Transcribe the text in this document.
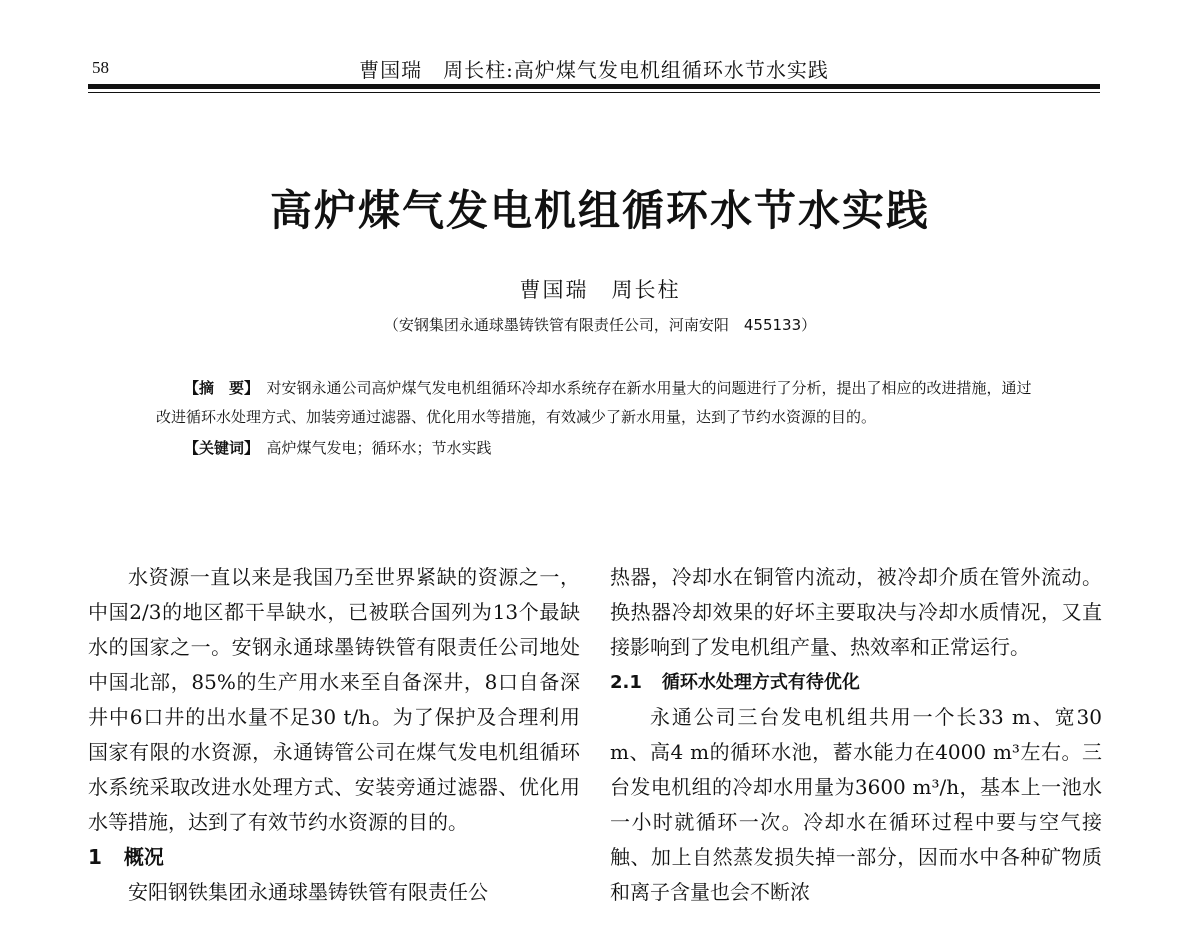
58	曹国瑞　周长柱:高炉煤气发电机组循环水节水实践
高炉煤气发电机组循环水节水实践
曹国瑞　周长柱
（安钢集团永通球墨铸铁管有限责任公司，河南安阳　455133）

【摘　要】　 对安钢永通公司高炉煤气发电机组循环冷却水系统存在新水用量大的问题进行了分析，提出了相应的改进措施，通过改进循环水处理方式、加装旁通过滤器、优化用水等措施，有效减少了新水用量，达到了节约水资源的目的。

【关键词】　 高炉煤气发电；循环水；节水实践

水资源一直以来是我国乃至世界紧缺的资源之一，中国2/3的地区都干旱缺水，已被联合国列为13个最缺水的国家之一。安钢永通球墨铸铁管有限责任公司地处中国北部，85%的生产用水来至自备深井，8口自备深井中6口井的出水量不足30 t/h。为了保护及合理利用国家有限的水资源，永通铸管公司在煤气发电机组循环水系统采取改进水处理方式、安装旁通过滤器、优化用水等措施，达到了有效节约水资源的目的。

1 概况

安阳钢铁集团永通球墨铸铁管有限责任公

热器，冷却水在铜管内流动，被冷却介质在管外流动。换热器冷却效果的好坏主要取决与冷却水质情况，又直接影响到了发电机组产量、热效率和正常运行。

2.1 循环水处理方式有待优化

永通公司三台发电机组共用一个长33 m、宽30 m、高4 m的循环水池，蓄水能力在4000 m³左右。三台发电机组的冷却水用量为3600 m³/h，基本上一池水一小时就循环一次。冷却水在循环过程中要与空气接触、加上自然蒸发损失掉一部分，因而水中各种矿物质和离子含量也会不断浓
